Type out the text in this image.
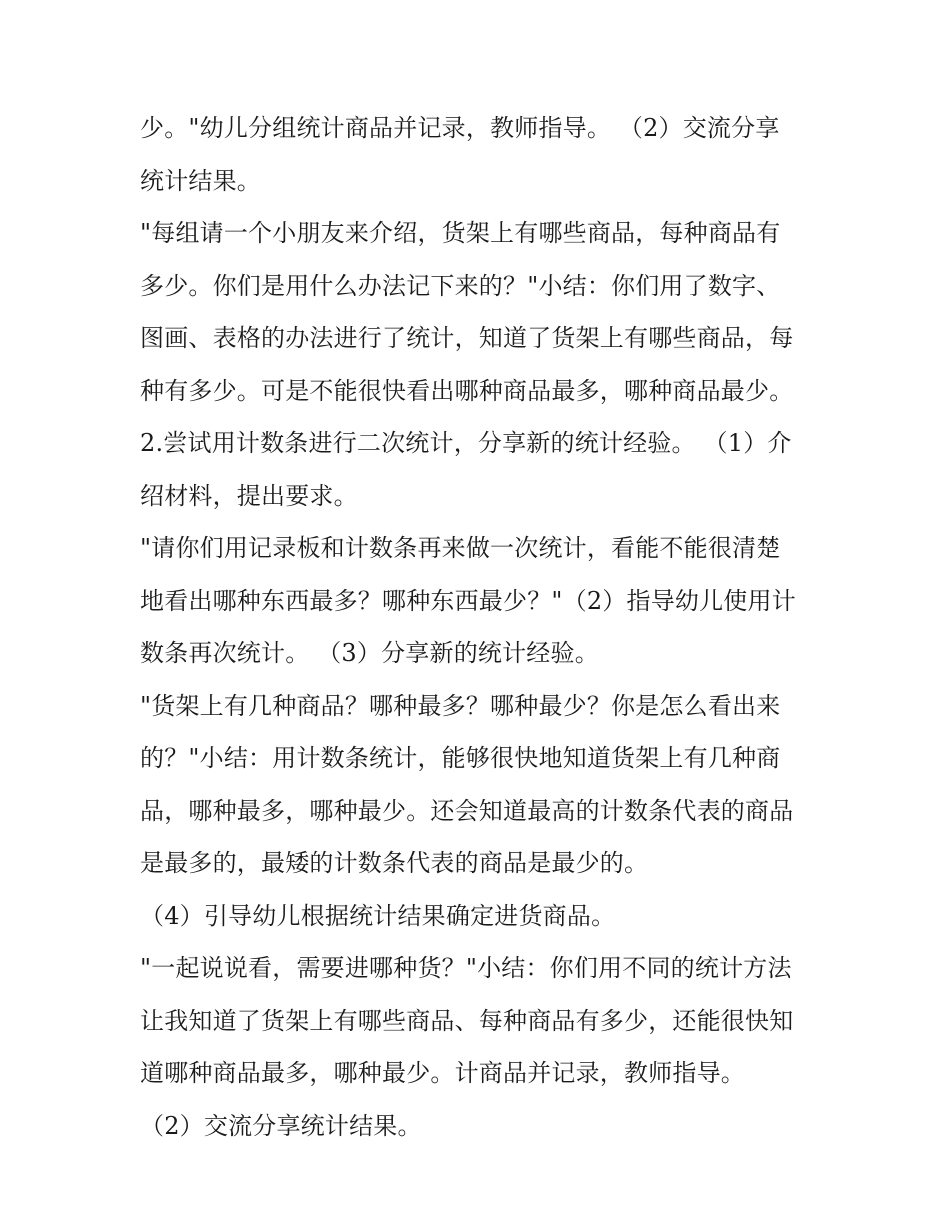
少。"幼儿分组统计商品并记录，教师指导。 （2）交流分享
统计结果。
"每组请一个小朋友来介绍，货架上有哪些商品，每种商品有
多少。你们是用什么办法记下来的？"小结：你们用了数字、
图画、表格的办法进行了统计，知道了货架上有哪些商品，每
种有多少。可是不能很快看出哪种商品最多，哪种商品最少。
2.尝试用计数条进行二次统计，分享新的统计经验。 （1）介
绍材料，提出要求。
"请你们用记录板和计数条再来做一次统计，看能不能很清楚
地看出哪种东西最多？哪种东西最少？"（2）指导幼儿使用计
数条再次统计。 （3）分享新的统计经验。
"货架上有几种商品？哪种最多？哪种最少？你是怎么看出来
的？"小结：用计数条统计，能够很快地知道货架上有几种商
品，哪种最多，哪种最少。还会知道最高的计数条代表的商品
是最多的，最矮的计数条代表的商品是最少的。
（4）引导幼儿根据统计结果确定进货商品。
"一起说说看，需要进哪种货？"小结：你们用不同的统计方法
让我知道了货架上有哪些商品、每种商品有多少，还能很快知
道哪种商品最多，哪种最少。计商品并记录，教师指导。
（2）交流分享统计结果。
